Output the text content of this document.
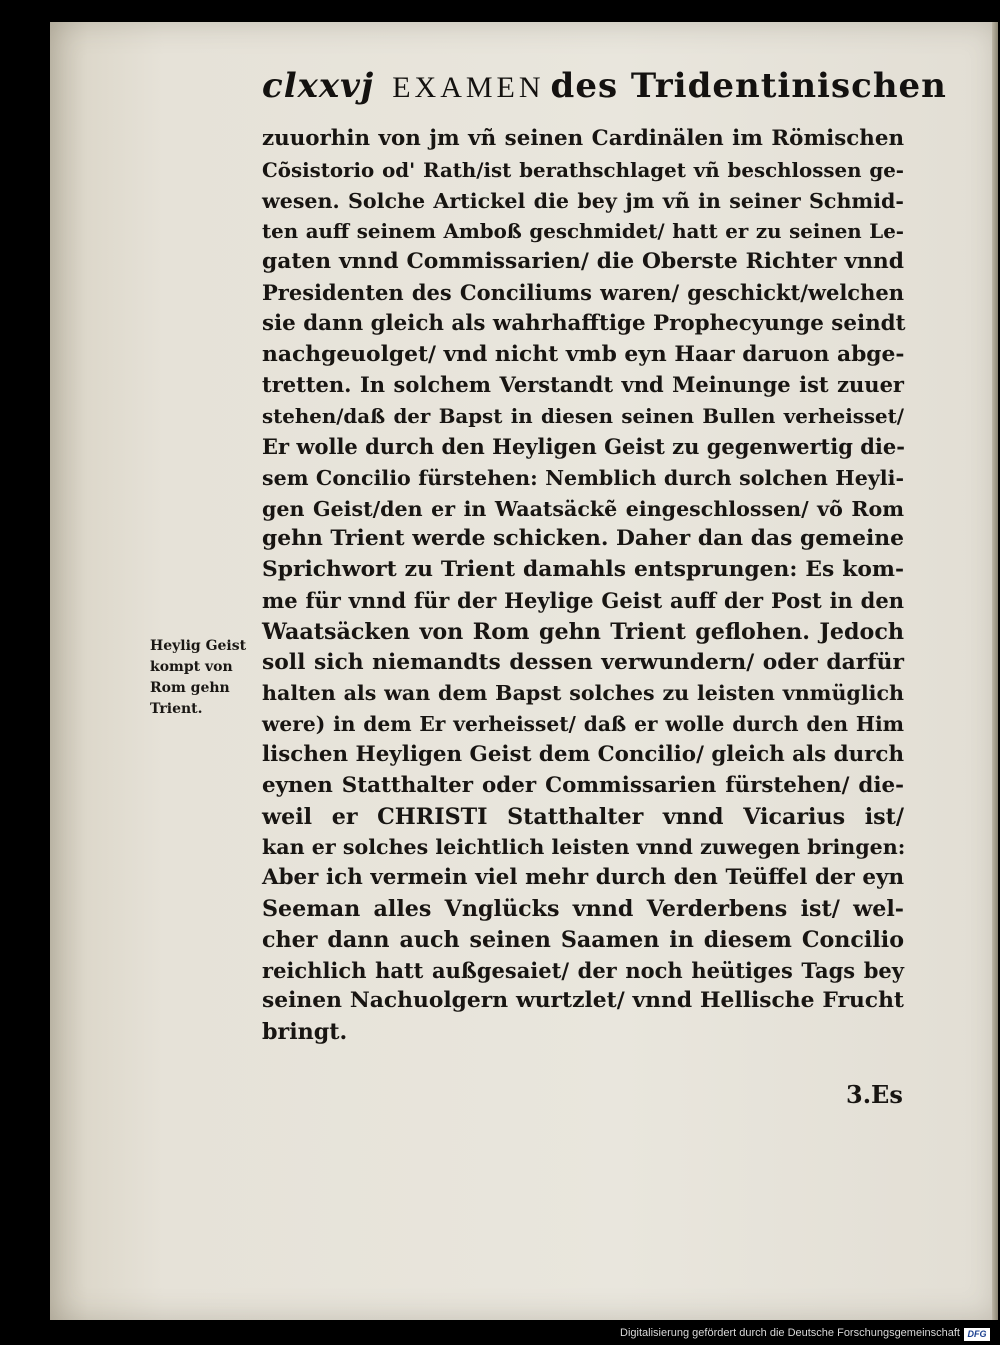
clxxvj EXAMEN des Tridentinischen
zuuorhin von jm vñ seinen Cardinälen im Römischen
Cõsistorio od' Rath/ist berathschlaget vñ beschlossen ge-
wesen. Solche Artickel die bey jm vñ in seiner Schmid-
ten auff seinem Amboß geschmidet/ hatt er zu seinen Le-
gaten vnnd Commissarien/ die Oberste Richter vnnd
Presidenten des Conciliums waren/ geschickt/welchen
sie dann gleich als wahrhafftige Prophecyunge seindt
nachgeuolget/ vnd nicht vmb eyn Haar daruon abge-
tretten. In solchem Verstandt vnd Meinunge ist zuuer
stehen/daß der Bapst in diesen seinen Bullen verheisset/
Er wolle durch den Heyligen Geist zu gegenwertig die-
sem Concilio fürstehen: Nemblich durch solchen Heyli-
gen Geist/den er in Waatsäckẽ eingeschlossen/ võ Rom
gehn Trient werde schicken. Daher dan das gemeine
Sprichwort zu Trient damahls entsprungen: Es kom-
me für vnnd für der Heylige Geist auff der Post in den
Waatsäcken von Rom gehn Trient geflohen. Jedoch
soll sich niemandts dessen verwundern/ oder darfür
halten als wan dem Bapst solches zu leisten vnmüglich
were) in dem Er verheisset/ daß er wolle durch den Him
lischen Heyligen Geist dem Concilio/ gleich als durch
eynen Statthalter oder Commissarien fürstehen/ die-
weil er CHRISTI Statthalter vnnd Vicarius ist/
kan er solches leichtlich leisten vnnd zuwegen bringen:
Aber ich vermein viel mehr durch den Teüffel der eyn
Seeman alles Vnglücks vnnd Verderbens ist/ wel-
cher dann auch seinen Saamen in diesem Concilio
reichlich hatt außgesaiet/ der noch heütiges Tags bey
seinen Nachuolgern wurtzlet/ vnnd Hellische Frucht
bringt.
Heylig Geist
kompt von
Rom gehn
Trient.
3.Es
Digitalisierung gefördert durch die Deutsche Forschungsgemeinschaft DFG
